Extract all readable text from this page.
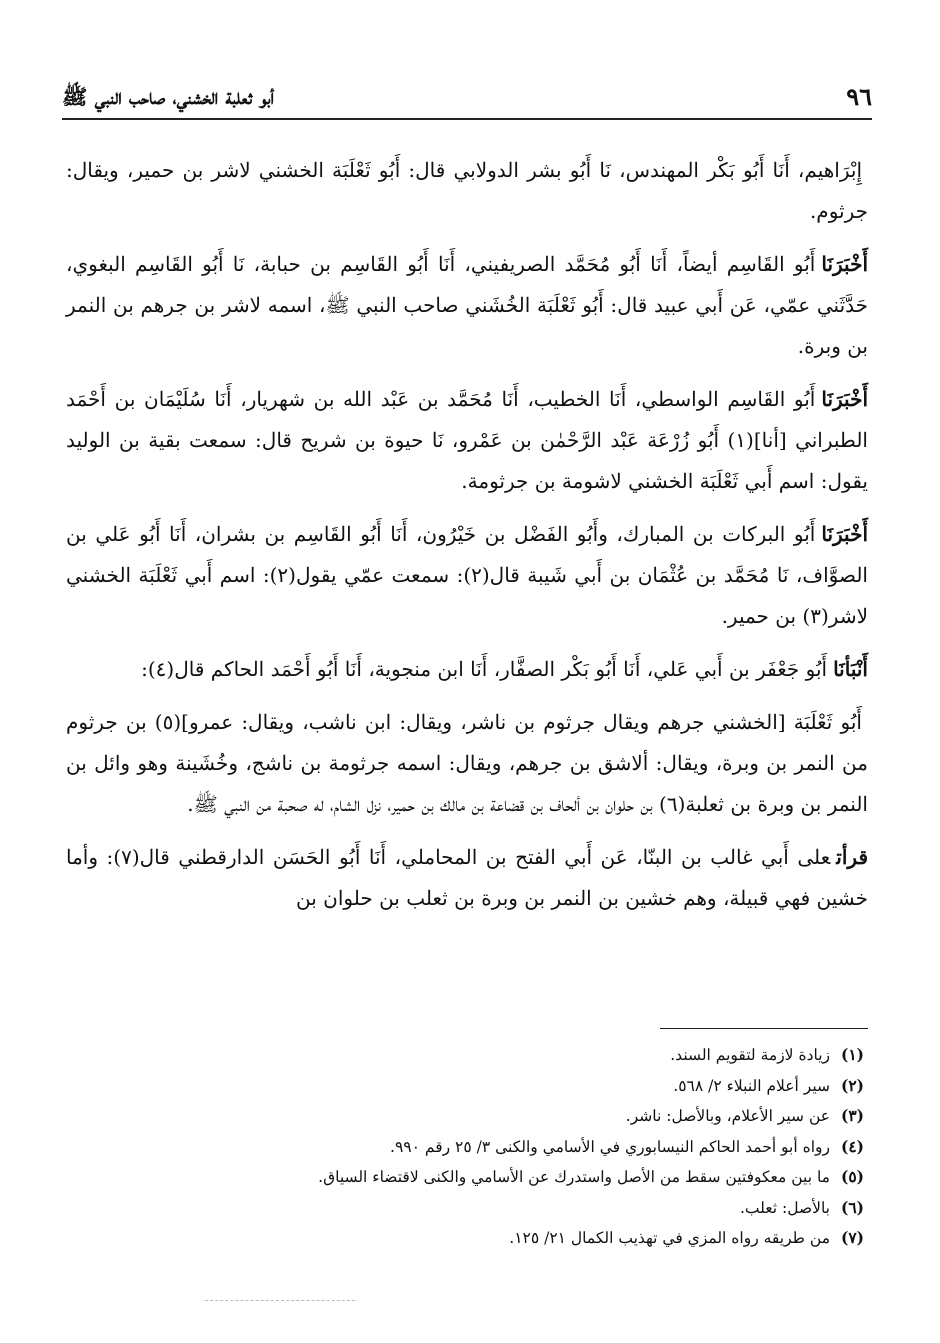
٩٦
أبو ثعلبة الخشني، صاحب النبي ﷺ

إِبْرَاهيم، أَنَا أَبُو بَكْر المهندس، نَا أَبُو بشر الدولابي قال: أَبُو ثَعْلَبَة الخشني لاشر بن حمير، ويقال: جرثوم.

أَخْبَرَنَاأَبُو القَاسِم أيضاً، أَنَا أَبُو مُحَمَّد الصريفيني، أَنَا أَبُو القَاسِم بن حبابة، نَا أَبُو القَاسِم البغوي، حَدَّثَني عمّي، عَن أَبي عبيد قال: أَبُو ثَعْلَبَة الخُشَني صاحب النبي ﷺ، اسمه لاشر بن جرهم بن النمر بن وبرة.

أَخْبَرَنَاأَبُو القَاسِم الواسطي، أَنَا الخطيب، أَنَا مُحَمَّد بن عَبْد الله بن شهريار، أَنَا سُلَيْمَان بن أَحْمَد الطبراني [أنا](١) أَبُو زُرْعَة عَبْد الرَّحْمٰن بن عَمْرو، نَا حيوة بن شريح قال: سمعت بقية بن الوليد يقول: اسم أَبي ثَعْلَبَة الخشني لاشومة بن جرثومة.

أَخْبَرَنَاأَبُو البركات بن المبارك، وأَبُو الفَضْل بن خَيْرُون، أَنَا أَبُو القَاسِم بن بشران، أَنَا أَبُو عَلي بن الصوَّاف، نَا مُحَمَّد بن عُثْمَان بن أَبي شَيبة قال(٢): سمعت عمّي يقول(٢): اسم أَبي ثَعْلَبَة الخشني لاشر(٣) بن حمير.

أَنْبَأنَاأَبُو جَعْفَر بن أَبي عَلي، أَنَا أَبُو بَكْر الصفَّار، أَنَا ابن منجوية، أَنَا أَبُو أَحْمَد الحاكم قال(٤):

أَبُو ثَعْلَبَة [الخشني جرهم ويقال جرثوم بن ناشر، ويقال: ابن ناشب، ويقال: عمرو](٥) بن جرثوم من النمر بن وبرة، ويقال: ألاشق بن جرهم، ويقال: اسمه جرثومة بن ناشج، وخُشَينة وهو وائل بن النمر بن وبرة بن ثعلبة(٦) بن حلوان بن ألحاف بن قضاعة بن مالك بن حمير، نزل الشام، له صحبة من النبي ﷺ.

قرأتعلى أَبي غالب بن البنّا، عَن أَبي الفتح بن المحاملي، أَنَا أَبُو الحَسَن الدارقطني قال(٧): وأما خشين فهي قبيلة، وهم خشين بن النمر بن وبرة بن ثعلب بن حلوان بن

(١)زيادة لازمة لتقويم السند.
(٢)سير أعلام النبلاء ٢/ ٥٦٨.
(٣)عن سير الأعلام، وبالأصل: ناشر.
(٤)رواه أبو أحمد الحاكم النيسابوري في الأسامي والكنى ٣/ ٢٥ رقم ٩٩٠.
(٥)ما بين معكوفتين سقط من الأصل واستدرك عن الأسامي والكنى لاقتضاء السياق.
(٦)بالأصل: ثعلب.
(٧)من طريقه رواه المزي في تهذيب الكمال ٢١/ ١٢٥.
